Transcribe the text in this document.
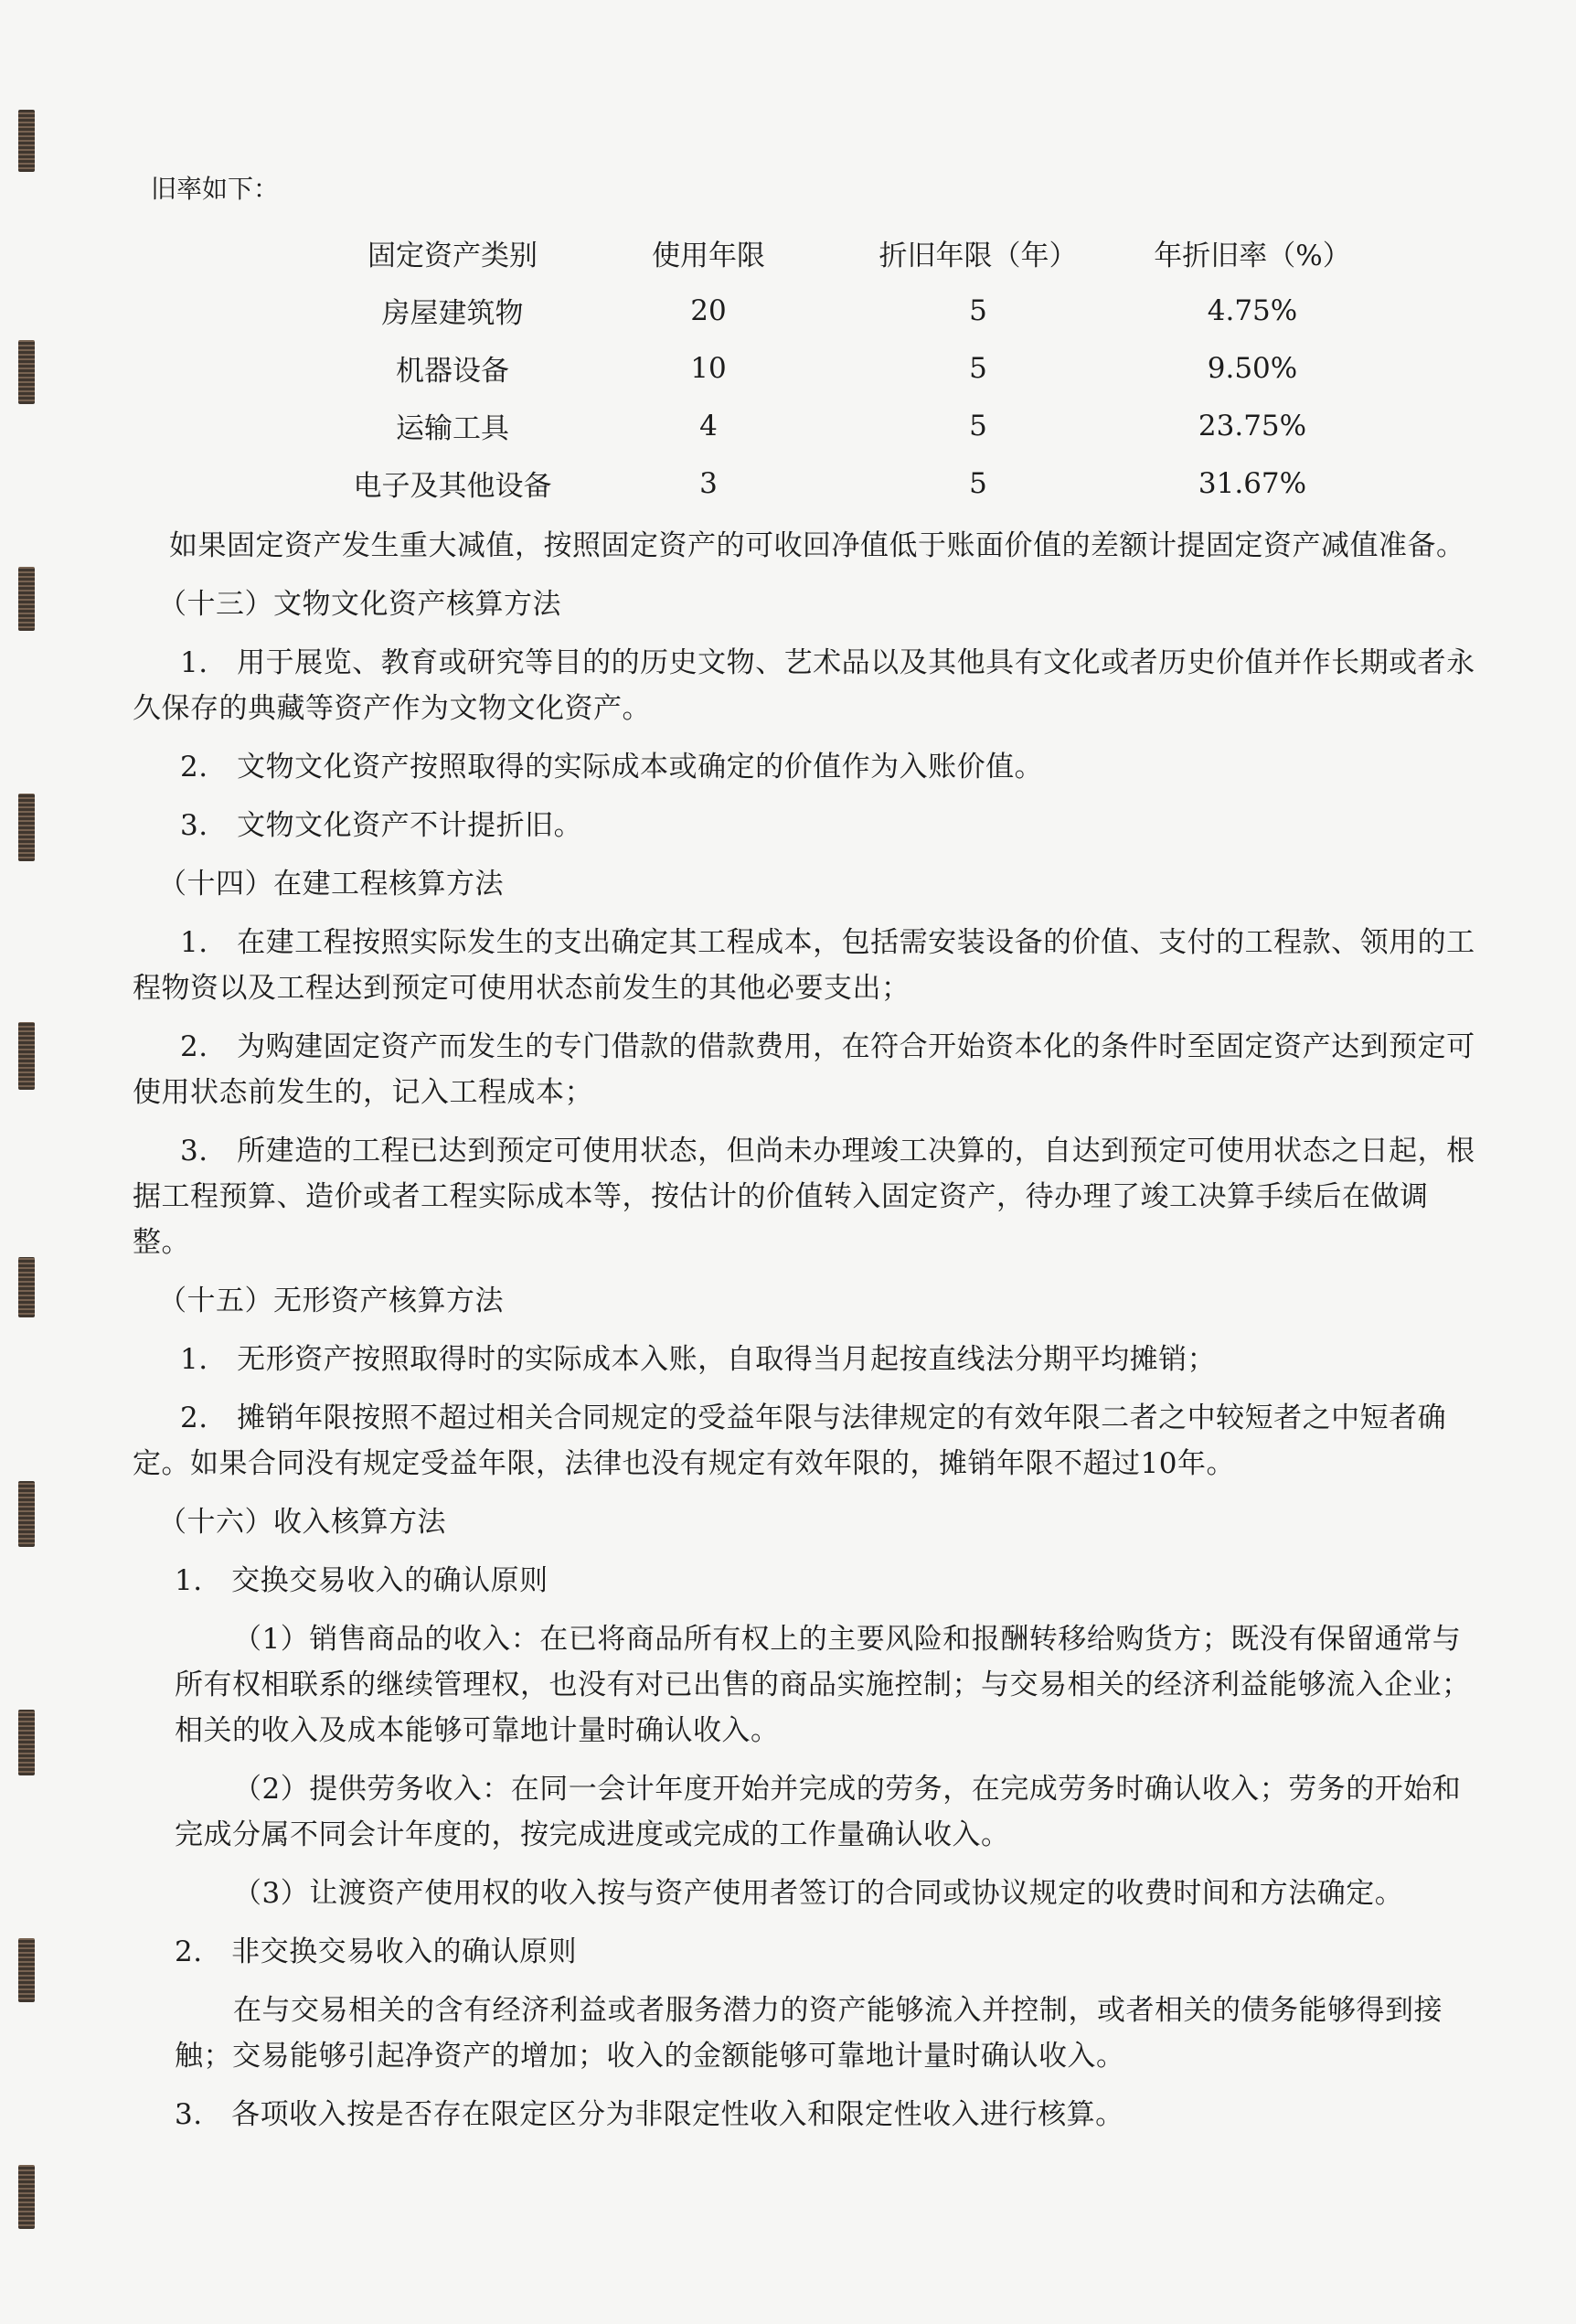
旧率如下：
固定资产类别	使用年限	折旧年限（年）	年折旧率（%）
房屋建筑物	20	5	4.75%
机器设备	10	5	9.50%
运输工具	4	5	23.75%
电子及其他设备	3	5	31.67%

如果固定资产发生重大减值，按照固定资产的可收回净值低于账面价值的差额计提固定资产减值准备。

（十三）文物文化资产核算方法

1.　用于展览、教育或研究等目的的历史文物、艺术品以及其他具有文化或者历史价值并作长期或者永久保存的典藏等资产作为文物文化资产。

2.　文物文化资产按照取得的实际成本或确定的价值作为入账价值。

3.　文物文化资产不计提折旧。

（十四）在建工程核算方法

1.　在建工程按照实际发生的支出确定其工程成本，包括需安装设备的价值、支付的工程款、领用的工程物资以及工程达到预定可使用状态前发生的其他必要支出；

2.　为购建固定资产而发生的专门借款的借款费用，在符合开始资本化的条件时至固定资产达到预定可使用状态前发生的，记入工程成本；

3.　所建造的工程已达到预定可使用状态，但尚未办理竣工决算的，自达到预定可使用状态之日起，根据工程预算、造价或者工程实际成本等，按估计的价值转入固定资产，待办理了竣工决算手续后在做调整。

（十五）无形资产核算方法

1.　无形资产按照取得时的实际成本入账，自取得当月起按直线法分期平均摊销；

2.　摊销年限按照不超过相关合同规定的受益年限与法律规定的有效年限二者之中较短者之中短者确定。如果合同没有规定受益年限，法律也没有规定有效年限的，摊销年限不超过10年。

（十六）收入核算方法

1.　交换交易收入的确认原则

（1）销售商品的收入：在已将商品所有权上的主要风险和报酬转移给购货方；既没有保留通常与所有权相联系的继续管理权，也没有对已出售的商品实施控制；与交易相关的经济利益能够流入企业；相关的收入及成本能够可靠地计量时确认收入。

（2）提供劳务收入：在同一会计年度开始并完成的劳务，在完成劳务时确认收入；劳务的开始和完成分属不同会计年度的，按完成进度或完成的工作量确认收入。

（3）让渡资产使用权的收入按与资产使用者签订的合同或协议规定的收费时间和方法确定。

2.　非交换交易收入的确认原则

在与交易相关的含有经济利益或者服务潜力的资产能够流入并控制，或者相关的债务能够得到接触；交易能够引起净资产的增加；收入的金额能够可靠地计量时确认收入。

3.　各项收入按是否存在限定区分为非限定性收入和限定性收入进行核算。
